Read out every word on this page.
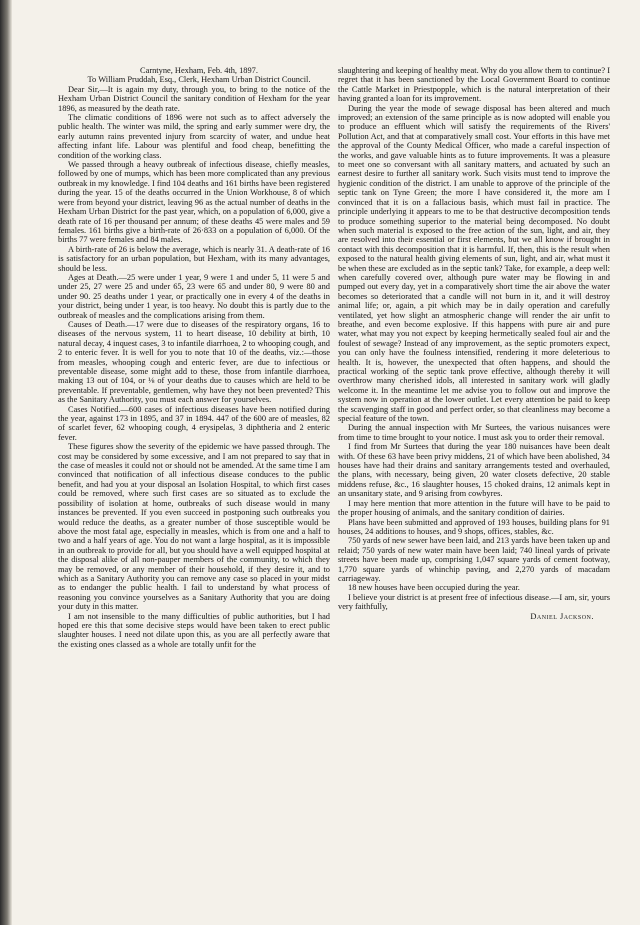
Carntyne, Hexham, Feb. 4th, 1897.

To William Pruddah, Esq., Clerk, Hexham Urban District Council.

Dear Sir,—It is again my duty, through you, to bring to the notice of the Hexham Urban District Council the sanitary condition of Hexham for the year 1896, as measured by the death rate.

The climatic conditions of 1896 were not such as to affect adversely the public health. The winter was mild, the spring and early summer were dry, the early autumn rains prevented injury from scarcity of water, and undue heat affecting infant life. Labour was plentiful and food cheap, benefitting the condition of the working class.

We passed through a heavy outbreak of infectious disease, chiefly measles, followed by one of mumps, which has been more complicated than any previous outbreak in my knowledge. I find 104 deaths and 161 births have been registered during the year. 15 of the deaths occurred in the Union Workhouse, 8 of which were from beyond your district, leaving 96 as the actual number of deaths in the Hexham Urban District for the past year, which, on a population of 6,000, give a death rate of 16 per thousand per annum; of these deaths 45 were males and 59 females. 161 births give a birth-rate of 26·833 on a population of 6,000. Of the births 77 were females and 84 males.

A birth-rate of 26 is below the average, which is nearly 31. A death-rate of 16 is satisfactory for an urban population, but Hexham, with its many advantages, should be less.

Ages at Death.—25 were under 1 year, 9 were 1 and under 5, 11 were 5 and under 25, 27 were 25 and under 65, 23 were 65 and under 80, 9 were 80 and under 90. 25 deaths under 1 year, or practically one in every 4 of the deaths in your district, being under 1 year, is too heavy. No doubt this is partly due to the outbreak of measles and the complications arising from them.

Causes of Death.—17 were due to diseases of the respiratory organs, 16 to diseases of the nervous system, 11 to heart disease, 10 debility at birth, 10 natural decay, 4 inquest cases, 3 to infantile diarrhoea, 2 to whooping cough, and 2 to enteric fever. It is well for you to note that 10 of the deaths, viz.:—those from measles, whooping cough and enteric fever, are due to infectious or preventable disease, some might add to these, those from infantile diarrhoea, making 13 out of 104, or ⅛ of your deaths due to causes which are held to be preventable. If preventable, gentlemen, why have they not been prevented? This as the Sanitary Authority, you must each answer for yourselves.

Cases Notified.—600 cases of infectious diseases have been notified during the year, against 173 in 1895, and 37 in 1894. 447 of the 600 are of measles, 82 of scarlet fever, 62 whooping cough, 4 erysipelas, 3 diphtheria and 2 enteric fever.

These figures show the severity of the epidemic we have passed through. The cost may be considered by some excessive, and I am not prepared to say that in the case of measles it could not or should not be amended. At the same time I am convinced that notification of all infectious disease conduces to the public benefit, and had you at your disposal an Isolation Hospital, to which first cases could be removed, where such first cases are so situated as to exclude the possibility of isolation at home, outbreaks of such disease would in many instances be prevented. If you even succeed in postponing such outbreaks you would reduce the deaths, as a greater number of those susceptible would be above the most fatal age, especially in measles, which is from one and a half to two and a half years of age. You do not want a large hospital, as it is impossible in an outbreak to provide for all, but you should have a well equipped hospital at the disposal alike of all non-pauper members of the community, to which they may be removed, or any member of their household, if they desire it, and to which as a Sanitary Authority you can remove any case so placed in your midst as to endanger the public health. I fail to understand by what process of reasoning you convince yourselves as a Sanitary Authority that you are doing your duty in this matter.

I am not insensible to the many difficulties of public authorities, but I had hoped ere this that some decisive steps would have been taken to erect public slaughter houses. I need not dilate upon this, as you are all perfectly aware that the existing ones classed as a whole are totally unfit for the

slaughtering and keeping of healthy meat. Why do you allow them to continue? I regret that it has been sanctioned by the Local Government Board to continue the Cattle Market in Priestpopple, which is the natural interpretation of their having granted a loan for its improvement.

During the year the mode of sewage disposal has been altered and much improved; an extension of the same principle as is now adopted will enable you to produce an effluent which will satisfy the requirements of the Rivers' Pollution Act, and that at comparatively small cost. Your efforts in this have met the approval of the County Medical Officer, who made a careful inspection of the works, and gave valuable hints as to future improvements. It was a pleasure to meet one so conversant with all sanitary matters, and actuated by such an earnest desire to further all sanitary work. Such visits must tend to improve the hygienic condition of the district. I am unable to approve of the principle of the septic tank on Tyne Green; the more I have considered it, the more am I convinced that it is on a fallacious basis, which must fail in practice. The principle underlying it appears to me to be that destructive decomposition tends to produce something superior to the material being decomposed. No doubt when such material is exposed to the free action of the sun, light, and air, they are resolved into their essential or first elements, but we all know if brought in contact with this decomposition that it is harmful. If, then, this is the result when exposed to the natural health giving elements of sun, light, and air, what must it be when these are excluded as in the septic tank? Take, for example, a deep well: when carefully covered over, although pure water may be flowing in and pumped out every day, yet in a comparatively short time the air above the water becomes so deteriorated that a candle will not burn in it, and it will destroy animal life; or, again, a pit which may be in daily operation and carefully ventilated, yet how slight an atmospheric change will render the air unfit to breathe, and even become explosive. If this happens with pure air and pure water, what may you not expect by keeping hermetically sealed foul air and the foulest of sewage? Instead of any improvement, as the septic promoters expect, you can only have the foulness intensified, rendering it more deleterious to health. It is, however, the unexpected that often happens, and should the practical working of the septic tank prove effective, although thereby it will overthrow many cherished idols, all interested in sanitary work will gladly welcome it. In the meantime let me advise you to follow out and improve the system now in operation at the lower outlet. Let every attention be paid to keep the scavenging staff in good and perfect order, so that cleanliness may become a special feature of the town.

During the annual inspection with Mr Surtees, the various nuisances were from time to time brought to your notice. I must ask you to order their removal.

I find from Mr Surtees that during the year 180 nuisances have been dealt with. Of these 63 have been privy middens, 21 of which have been abolished, 34 houses have had their drains and sanitary arrangements tested and overhauled, the plans, with necessary, being given, 20 water closets defective, 20 stable middens refuse, &c., 16 slaughter houses, 15 choked drains, 12 animals kept in an unsanitary state, and 9 arising from cowbyres.

I may here mention that more attention in the future will have to be paid to the proper housing of animals, and the sanitary condition of dairies.

Plans have been submitted and approved of 193 houses, building plans for 91 houses, 24 additions to houses, and 9 shops, offices, stables, &c.

750 yards of new sewer have been laid, and 213 yards have been taken up and relaid; 750 yards of new water main have been laid; 740 lineal yards of private streets have been made up, comprising 1,047 square yards of cement footway, 1,770 square yards of whinchip paving, and 2,270 yards of macadam carriageway.

18 new houses have been occupied during the year.

I believe your district is at present free of infectious disease.—I am, sir, yours very faithfully,

Daniel Jackson.
